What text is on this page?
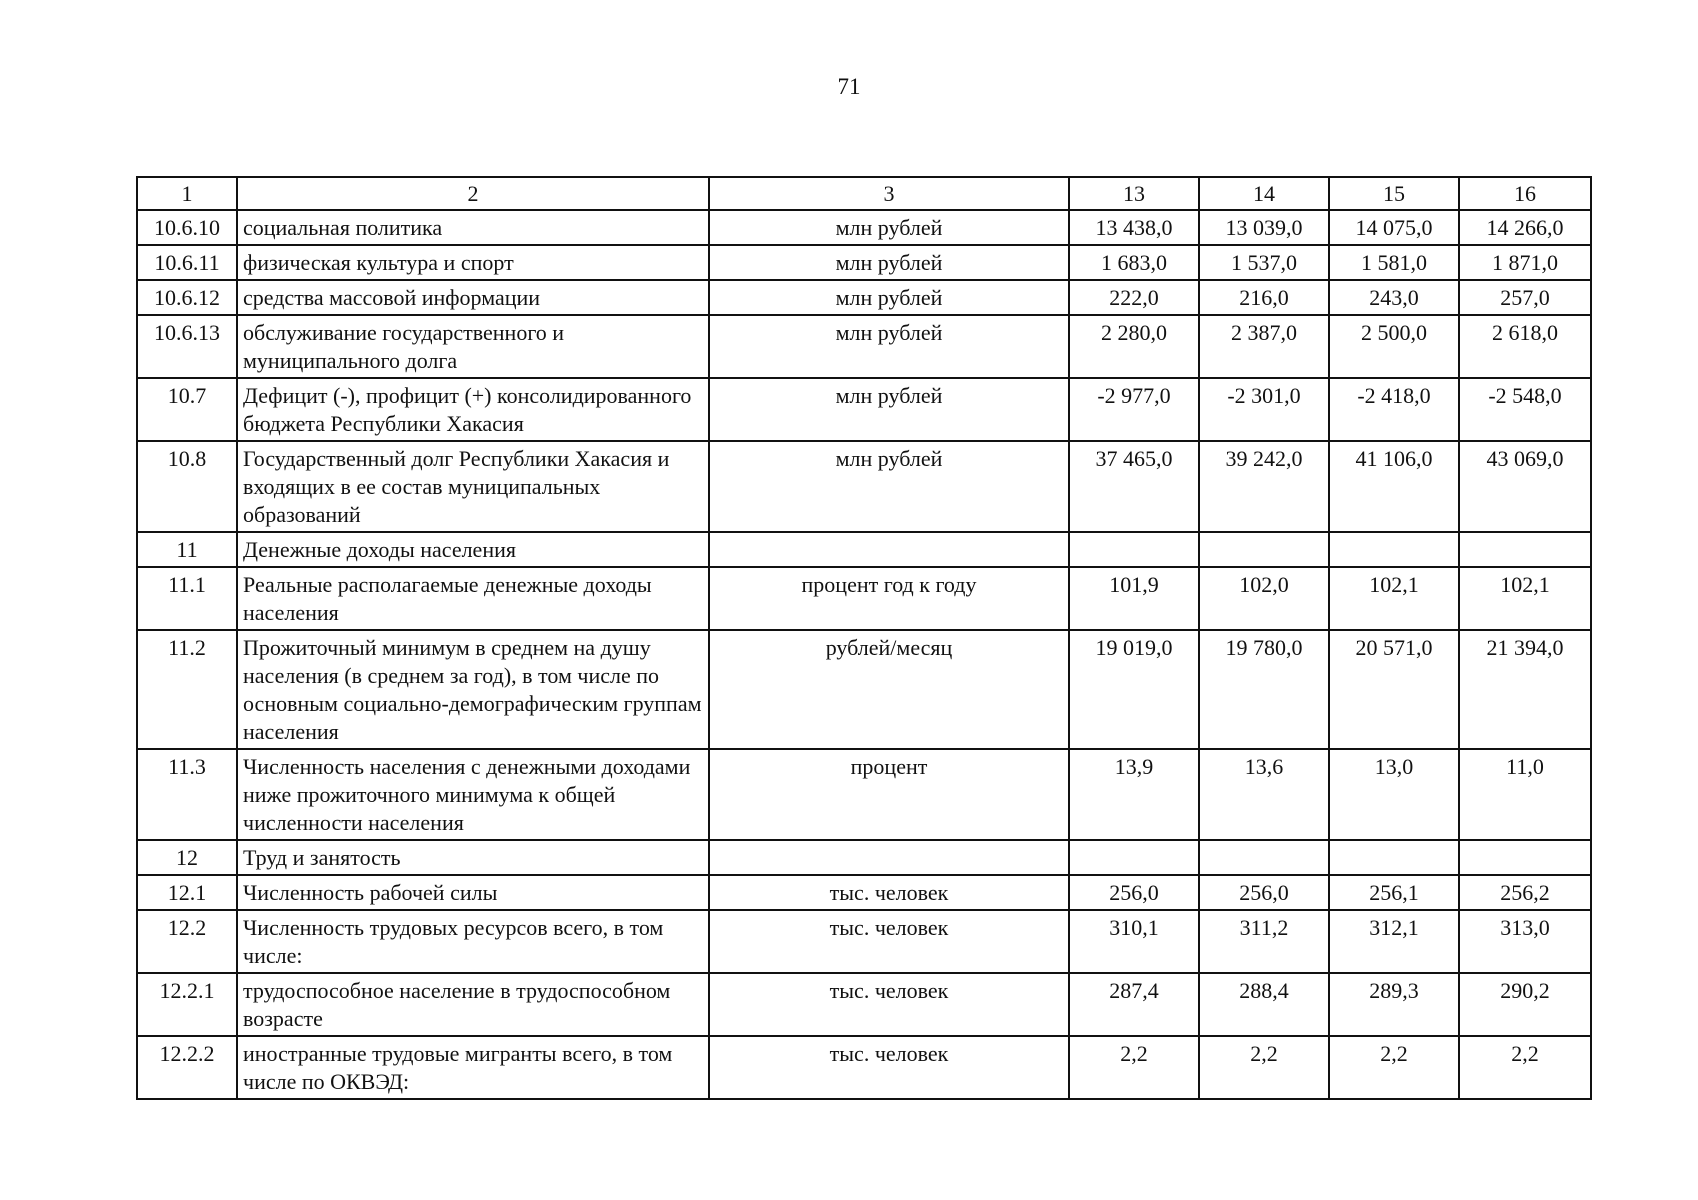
71
1	2	3	13	14	15	16
10.6.10	социальная политика	млн рублей	13 438,0	13 039,0	14 075,0	14 266,0
10.6.11	физическая культура и спорт	млн рублей	1 683,0	1 537,0	1 581,0	1 871,0
10.6.12	средства массовой информации	млн рублей	222,0	216,0	243,0	257,0
10.6.13	обслуживание государственного и муниципального долга	млн рублей	2 280,0	2 387,0	2 500,0	2 618,0
10.7	Дефицит (-), профицит (+) консолидированного бюджета Республики Хакасия	млн рублей	-2 977,0	-2 301,0	-2 418,0	-2 548,0
10.8	Государственный долг Республики Хакасия и входящих в ее состав муниципальных образований	млн рублей	37 465,0	39 242,0	41 106,0	43 069,0
11	Денежные доходы населения					
11.1	Реальные располагаемые денежные доходы населения	процент год к году	101,9	102,0	102,1	102,1
11.2	Прожиточный минимум в среднем на душу населения (в среднем за год), в том числе по основным социально-демографическим группам населения	рублей/месяц	19 019,0	19 780,0	20 571,0	21 394,0
11.3	Численность населения с денежными доходами ниже прожиточного минимума к общей численности населения	процент	13,9	13,6	13,0	11,0
12	Труд и занятость					
12.1	Численность рабочей силы	тыс. человек	256,0	256,0	256,1	256,2
12.2	Численность трудовых ресурсов всего, в том числе:	тыс. человек	310,1	311,2	312,1	313,0
12.2.1	трудоспособное население в трудоспособном возрасте	тыс. человек	287,4	288,4	289,3	290,2
12.2.2	иностранные трудовые мигранты всего, в том числе по ОКВЭД:	тыс. человек	2,2	2,2	2,2	2,2
